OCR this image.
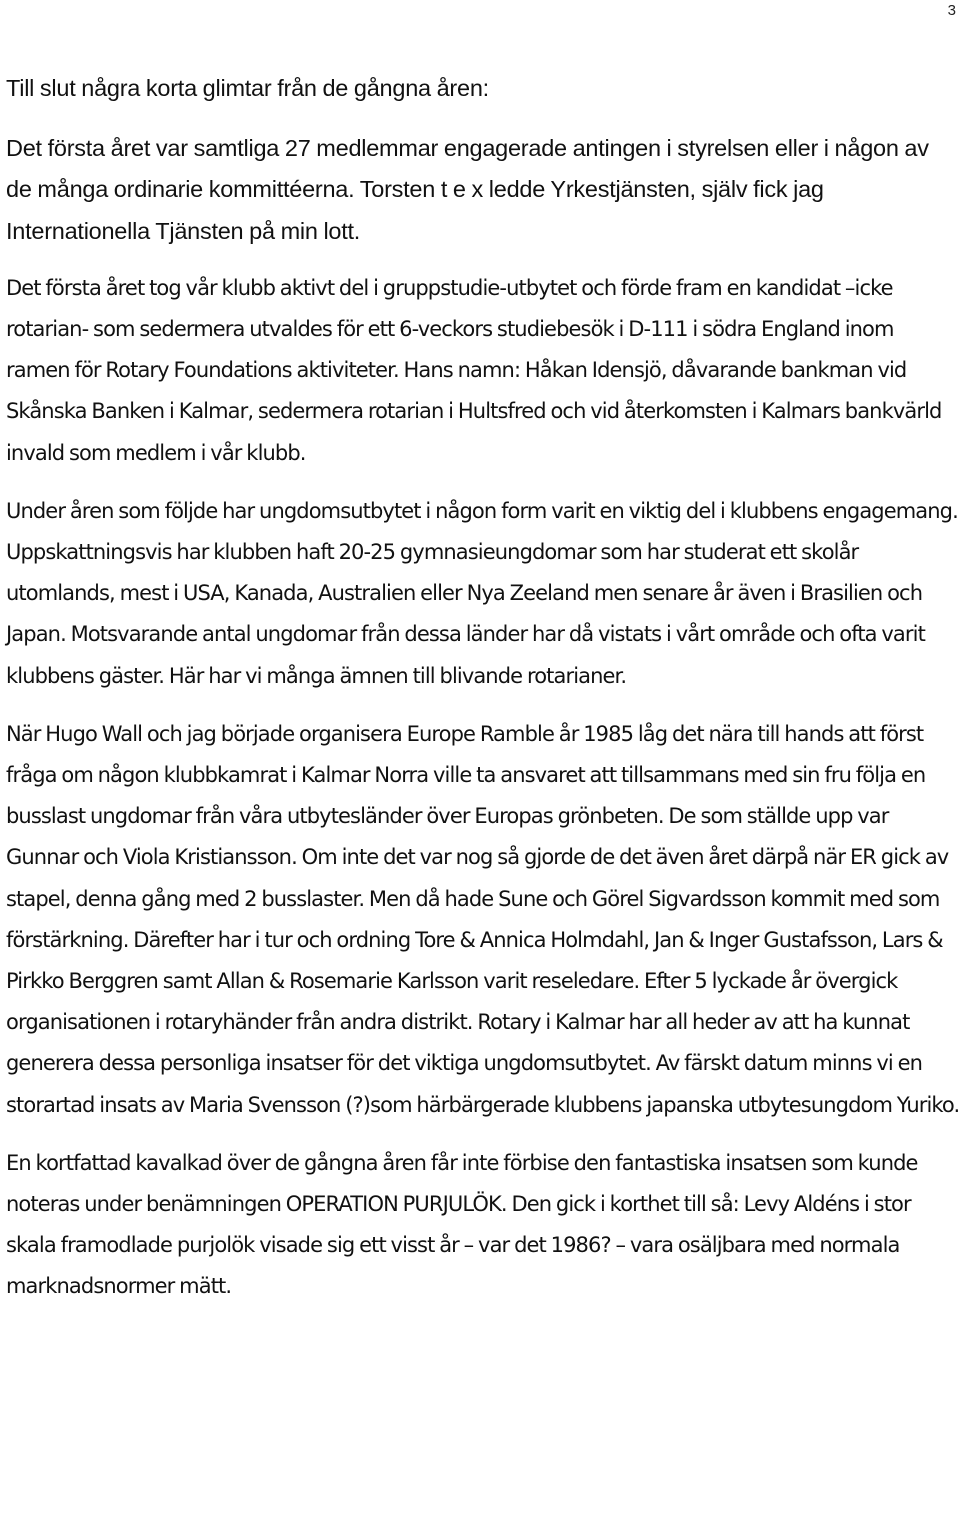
3

Till slut några korta glimtar från de gångna åren:

Det första året var samtliga 27 medlemmar engagerade antingen i styrelsen eller i någon av de många ordinarie kommittéerna. Torsten t e x ledde Yrkestjänsten, själv fick jag Internationella Tjänsten på min lott.

Det första året tog vår klubb aktivt del i gruppstudie-utbytet och förde fram en kandidat –icke rotarian- som sedermera utvaldes för ett 6-veckors studiebesök i D-111 i södra England inom ramen för Rotary Foundations aktiviteter. Hans namn: Håkan Idensjö, dåvarande bankman vid Skånska Banken i Kalmar, sedermera rotarian i Hultsfred och vid återkomsten i Kalmars bankvärld invald som medlem i vår klubb.

Under åren som följde har ungdomsutbytet i någon form varit en viktig del i klubbens engagemang. Uppskattningsvis har klubben haft 20-25 gymnasieungdomar som har studerat ett skolår utomlands, mest i USA, Kanada, Australien eller Nya Zeeland men senare år även i Brasilien och Japan. Motsvarande antal ungdomar från dessa länder har då vistats i vårt område och ofta varit klubbens gäster. Här har vi många ämnen till blivande rotarianer.

När Hugo Wall och jag började organisera Europe Ramble år 1985 låg det nära till hands att först fråga om någon klubbkamrat i Kalmar Norra ville ta ansvaret att tillsammans med sin fru följa en busslast ungdomar från våra utbytesländer över Europas grönbeten. De som ställde upp var Gunnar och Viola Kristiansson. Om inte det var nog så gjorde de det även året därpå när ER gick av stapel, denna gång med 2 busslaster. Men då hade Sune och Görel Sigvardsson kommit med som förstärkning. Därefter har i tur och ordning Tore & Annica Holmdahl, Jan & Inger Gustafsson, Lars & Pirkko Berggren samt Allan & Rosemarie Karlsson varit reseledare. Efter 5 lyckade år övergick organisationen i rotaryhänder från andra distrikt. Rotary i Kalmar har all heder av att ha kunnat generera dessa personliga insatser för det viktiga ungdomsutbytet. Av färskt datum minns vi en storartad insats av Maria Svensson (?)som härbärgerade klubbens japanska utbytesungdom Yuriko.

En kortfattad kavalkad över de gångna åren får inte förbise den fantastiska insatsen som kunde noteras under benämningen OPERATION PURJULÖK. Den gick i korthet till så: Levy Aldéns i stor skala framodlade purjolök visade sig ett visst år – var det 1986? – vara osäljbara med normala marknadsnormer mätt.
